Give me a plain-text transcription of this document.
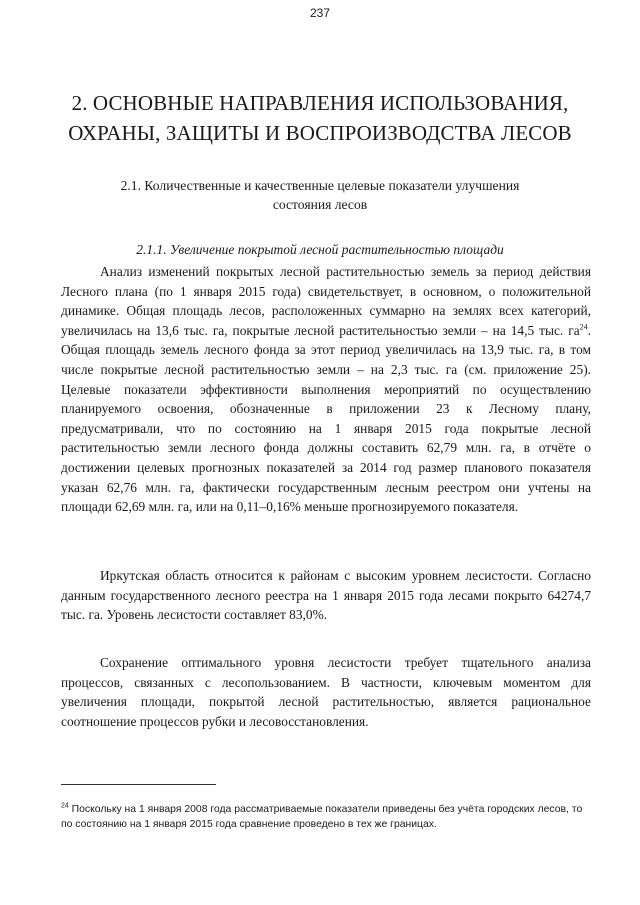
237
2. ОСНОВНЫЕ НАПРАВЛЕНИЯ ИСПОЛЬЗОВАНИЯ,
ОХРАНЫ, ЗАЩИТЫ И ВОСПРОИЗВОДСТВА ЛЕСОВ
2.1. Количественные и качественные целевые показатели улучшения
состояния лесов
2.1.1. Увеличение покрытой лесной растительностью площади

Анализ изменений покрытых лесной растительностью земель за период действия Лесного плана (по 1 января 2015 года) свидетельствует, в основном, о положительной динамике. Общая площадь лесов, расположенных суммарно на землях всех категорий, увеличилась на 13,6 тыс. га, покрытые лесной растительностью земли – на 14,5 тыс. $га^{24}$. Общая площадь земель лесного фонда за этот период увеличилась на 13,9 тыс. га, в том числе покрытые лесной растительностью земли – на 2,3 тыс. га (см. приложение 25). Целевые показатели эффективности выполнения мероприятий по осуществлению планируемого освоения, обозначенные в приложении 23 к Лесному плану, предусматривали, что по состоянию на 1 января 2015 года покрытые лесной растительностью земли лесного фонда должны составить 62,79 млн. га, в отчёте о достижении целевых прогнозных показателей за 2014 год размер планового показателя указан 62,76 млн. га, фактически государственным лесным реестром они учтены на площади 62,69 млн. га, или на 0,11–0,16% меньше прогнозируемого показателя.

Иркутская область относится к районам с высоким уровнем лесистости. Согласно данным государственного лесного реестра на 1 января 2015 года лесами покрыто 64274,7 тыс. га. Уровень лесистости составляет 83,0%.

Сохранение оптимального уровня лесистости требует тщательного анализа процессов, связанных с лесопользованием. В частности, ключевым моментом для увеличения площади, покрытой лесной растительностью, является рациональное соотношение процессов рубки и лесовосстановления.

$^{24}$ Поскольку на 1 января 2008 года рассматриваемые показатели приведены без учёта городских лесов, то по состоянию на 1 января 2015 года сравнение проведено в тех же границах.
